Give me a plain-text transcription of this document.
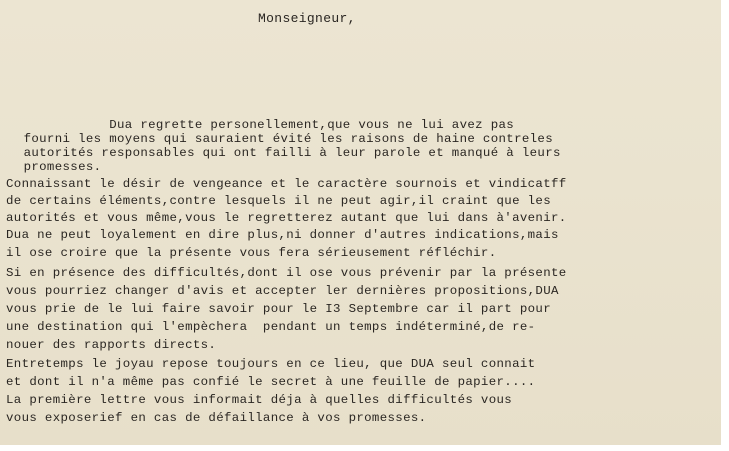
Monseigneur,
Dua regrette personellement,que vous ne lui avez pas
fourni les moyens qui sauraient évité les raisons de haine contreles
autorités responsables qui ont failli à leur parole et manqué à leurs
promesses.
Connaissant le désir de vengeance et le caractère sournois et vindicatff
de certains éléments,contre lesquels il ne peut agir,il craint que les
autorités et vous même,vous le regretterez autant que lui dans à'avenir.
Dua ne peut loyalement en dire plus,ni donner d'autres indications,mais
il ose croire que la présente vous fera sérieusement réfléchir.
Si en présence des difficultés,dont il ose vous prévenir par la présente
vous pourriez changer d'avis et accepter ler dernières propositions,DUA
vous prie de le lui faire savoir pour le I3 Septembre car il part pour
une destination qui l'empèchera  pendant un temps indéterminé,de re-
nouer des rapports directs.
Entretemps le joyau repose toujours en ce lieu, que DUA seul connait
et dont il n'a même pas confié le secret à une feuille de papier....
La première lettre vous informait déja à quelles difficultés vous
vous exposerief en cas de défaillance à vos promesses.
